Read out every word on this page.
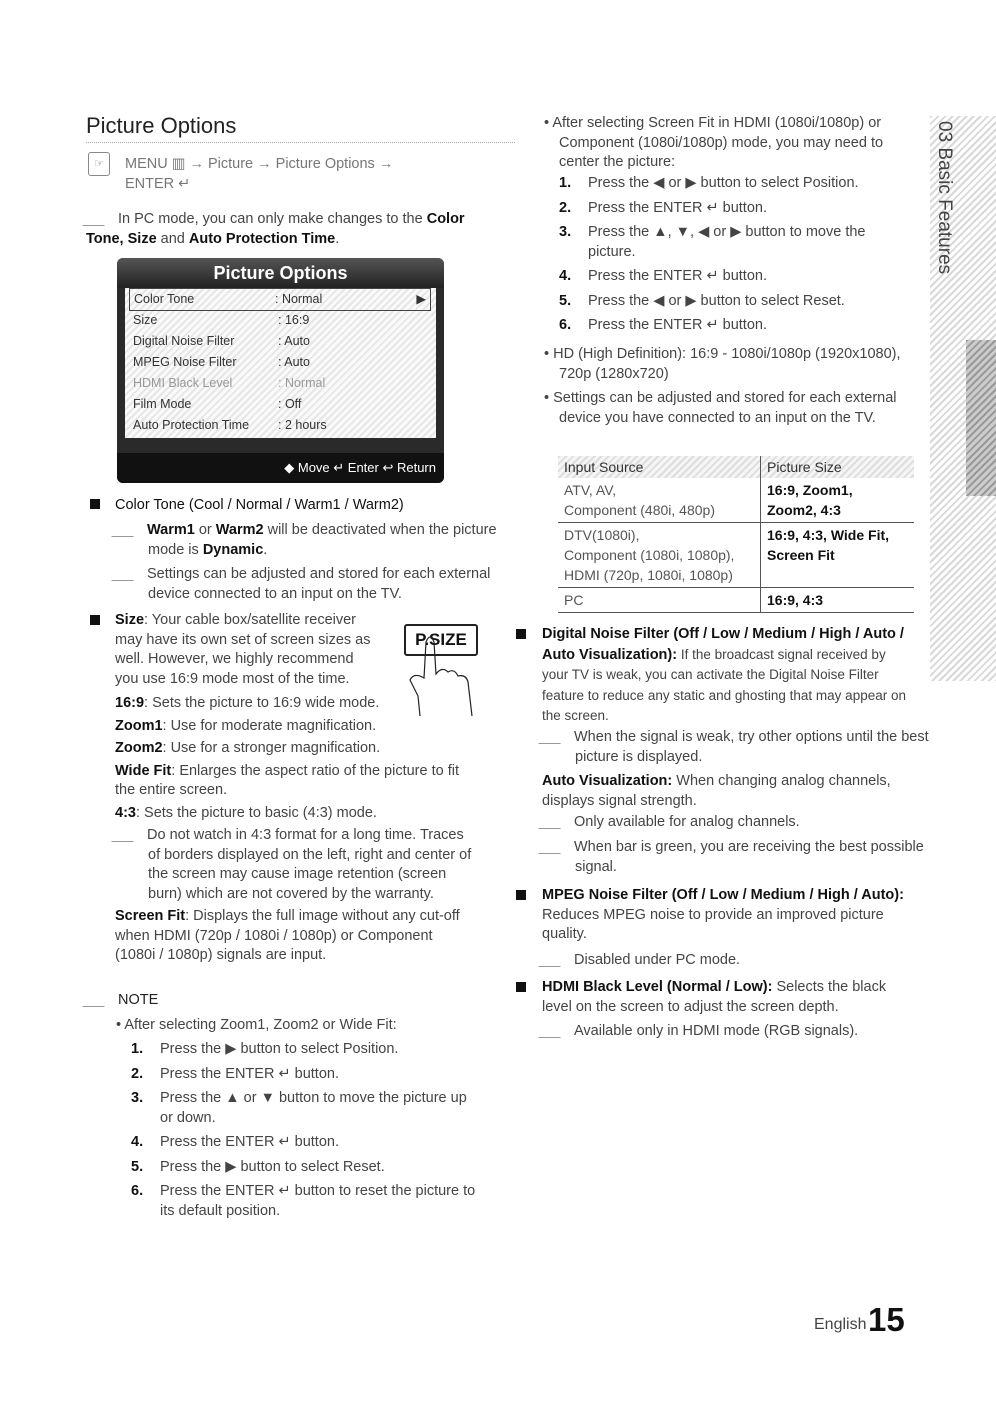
Picture Options
☞	MENU ▥ → Picture → Picture Options → ENTER ↵
In PC mode, you can only make changes to the Color Tone, Size and Auto Protection Time.
Picture Options
Color Tone	: Normal	▶
Size	: 16:9
Digital Noise Filter	: Auto
MPEG Noise Filter	: Auto
HDMI Black Level	: Normal
Film Mode	: Off
Auto Protection Time : 2 hours
◆ Move ↵ Enter ↩ Return
Color Tone (Cool / Normal / Warm1 / Warm2)
Warm1 or Warm2 will be deactivated when the picture mode is Dynamic.
Settings can be adjusted and stored for each external device connected to an input on the TV.
Size: Your cable box/satellite receiver may have its own set of screen sizes as well. However, we highly recommend you use 16:9 mode most of the time.
P.SIZE

16:9: Sets the picture to 16:9 wide mode.

Zoom1: Use for moderate magnification.

Zoom2: Use for a stronger magnification.

Wide Fit: Enlarges the aspect ratio of the picture to fit the entire screen.

4:3: Sets the picture to basic (4:3) mode.

Do not watch in 4:3 format for a long time. Traces of borders displayed on the left, right and center of the screen may cause image retention (screen burn) which are not covered by the warranty.

Screen Fit: Displays the full image without any cut-off when HDMI (720p / 1080i / 1080p) or Component (1080i / 1080p) signals are input.

NOTE
• After selecting Zoom1, Zoom2 or Wide Fit:

1. Press the ▶ button to select Position.

2. Press the ENTER ↵ button.

3. Press the ▲ or ▼ button to move the picture up or down.

4. Press the ENTER ↵ button.

5. Press the ▶ button to select Reset.

6. Press the ENTER ↵ button to reset the picture to its default position.

• After selecting Screen Fit in HDMI (1080i/1080p) or Component (1080i/1080p) mode, you may need to center the picture:

1. Press the ◀ or ▶ button to select Position.

2. Press the ENTER ↵ button.

3. Press the ▲, ▼, ◀ or ▶ button to move the picture.

4. Press the ENTER ↵ button.

5. Press the ◀ or ▶ button to select Reset.

6. Press the ENTER ↵ button.

• HD (High Definition): 16:9 - 1080i/1080p (1920x1080), 720p (1280x720)
• Settings can be adjusted and stored for each external device you have connected to an input on the TV.
Input Source	Picture Size
ATV, AV,
Component (480i, 480p)	16:9, Zoom1,
Zoom2, 4:3
DTV(1080i),
Component (1080i, 1080p),
HDMI (720p, 1080i, 1080p)	16:9, 4:3, Wide Fit,
Screen Fit
PC	16:9, 4:3
Digital Noise Filter (Off / Low / Medium / High / Auto / Auto Visualization): If the broadcast signal received by your TV is weak, you can activate the Digital Noise Filter feature to reduce any static and ghosting that may appear on the screen.
When the signal is weak, try other options until the best picture is displayed.
Auto Visualization: When changing analog channels, displays signal strength.
Only available for analog channels.
When bar is green, you are receiving the best possible signal.
MPEG Noise Filter (Off / Low / Medium / High / Auto): Reduces MPEG noise to provide an improved picture quality.
Disabled under PC mode.
HDMI Black Level (Normal / Low): Selects the black level on the screen to adjust the screen depth.
Available only in HDMI mode (RGB signals).
03 Basic Features
English 15
